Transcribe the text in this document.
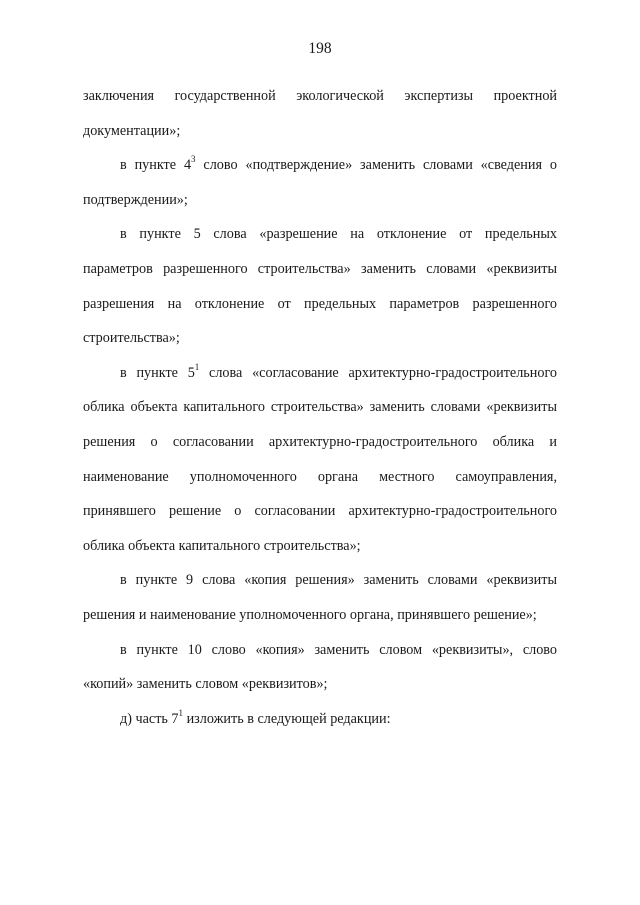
198

заключения государственной экологической экспертизы проектной документации»;

в пункте $4^3$ слово «подтверждение» заменить словами «сведения о подтверждении»;

в пункте 5 слова «разрешение на отклонение от предельных параметров разрешенного строительства» заменить словами «реквизиты разрешения на отклонение от предельных параметров разрешенного строительства»;

в пункте $5^1$ слова «согласование архитектурно-градостроительного облика объекта капитального строительства» заменить словами «реквизиты решения о согласовании архитектурно-градостроительного облика и наименование уполномоченного органа местного самоуправления, принявшего решение о согласовании архитектурно-градостроительного облика объекта капитального строительства»;

в пункте 9 слова «копия решения» заменить словами «реквизиты решения и наименование уполномоченного органа, принявшего решение»;

в пункте 10 слово «копия» заменить словом «реквизиты», слово «копий» заменить словом «реквизитов»;

д) часть $7^1$ изложить в следующей редакции:
